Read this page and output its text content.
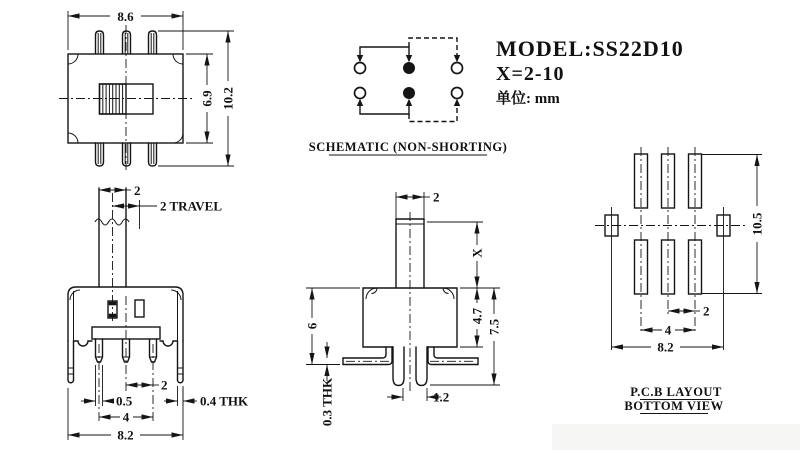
8.6
6.9 10.2
SCHEMATIC (NON-SHORTING)
MODEL:SS22D10
X=2-10
单位: mm
2
2 TRAVEL
2
0.5
4
8.2
0.4 THK
2
X
4.7
7.5
6
0.3 THK	1.2
10.5
2
4
8.2
P.C.B LAYOUT
BOTTOM VIEW
